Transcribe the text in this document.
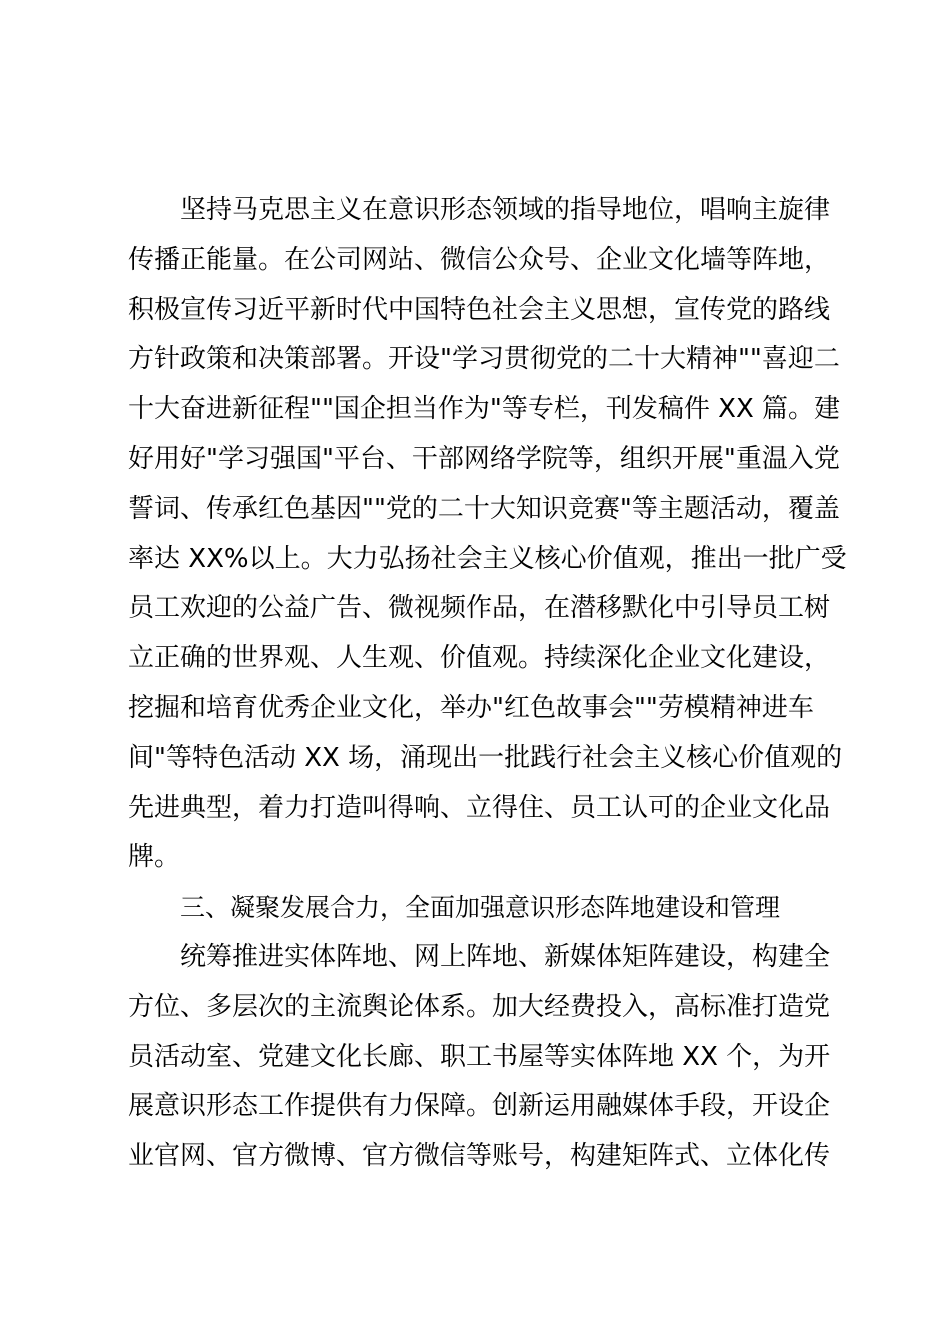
坚持马克思主义在意识形态领域的指导地位，唱响主旋律
传播正能量。在公司网站、微信公众号、企业文化墙等阵地，
积极宣传习近平新时代中国特色社会主义思想，宣传党的路线
方针政策和决策部署。开设"学习贯彻党的二十大精神""喜迎二
十大奋进新征程""国企担当作为"等专栏，刊发稿件 XX 篇。建
好用好"学习强国"平台、干部网络学院等，组织开展"重温入党
誓词、传承红色基因""党的二十大知识竞赛"等主题活动，覆盖
率达 XX%以上。大力弘扬社会主义核心价值观，推出一批广受
员工欢迎的公益广告、微视频作品，在潜移默化中引导员工树
立正确的世界观、人生观、价值观。持续深化企业文化建设，
挖掘和培育优秀企业文化，举办"红色故事会""劳模精神进车
间"等特色活动 XX 场，涌现出一批践行社会主义核心价值观的
先进典型，着力打造叫得响、立得住、员工认可的企业文化品
牌。
三、凝聚发展合力，全面加强意识形态阵地建设和管理
统筹推进实体阵地、网上阵地、新媒体矩阵建设，构建全
方位、多层次的主流舆论体系。加大经费投入，高标准打造党
员活动室、党建文化长廊、职工书屋等实体阵地 XX 个，为开
展意识形态工作提供有力保障。创新运用融媒体手段，开设企
业官网、官方微博、官方微信等账号，构建矩阵式、立体化传
